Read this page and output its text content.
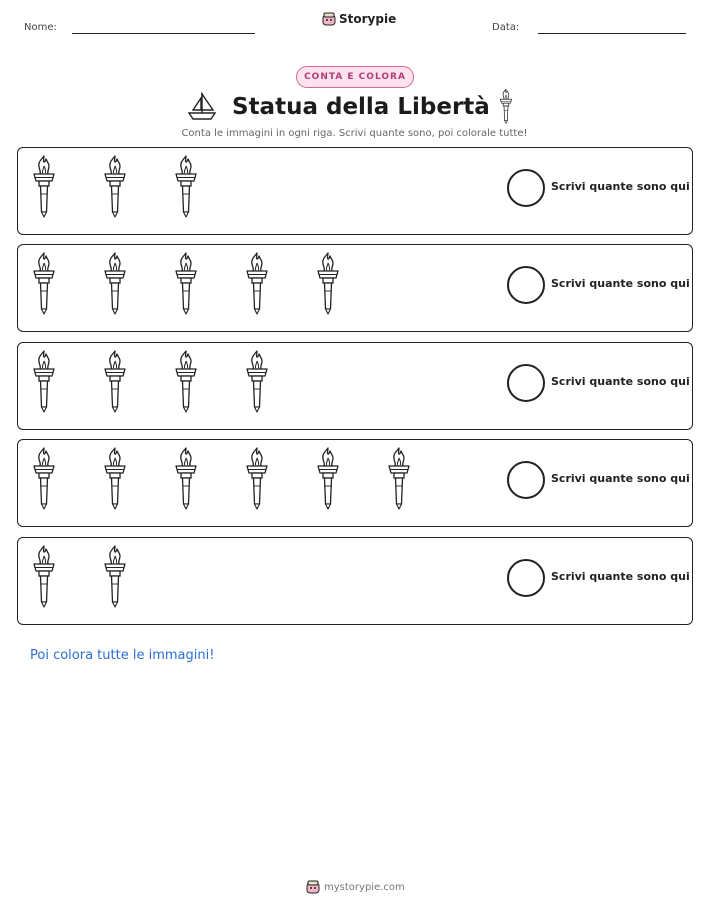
Nome:
Storypie
Data:
CONTA E COLORA
Statua della Libertà
Conta le immagini in ogni riga. Scrivi quante sono, poi colorale tutte!
Scrivi quante sono qui
Scrivi quante sono qui
Scrivi quante sono qui
Scrivi quante sono qui
Scrivi quante sono qui
Poi colora tutte le immagini!
mystorypie.com
